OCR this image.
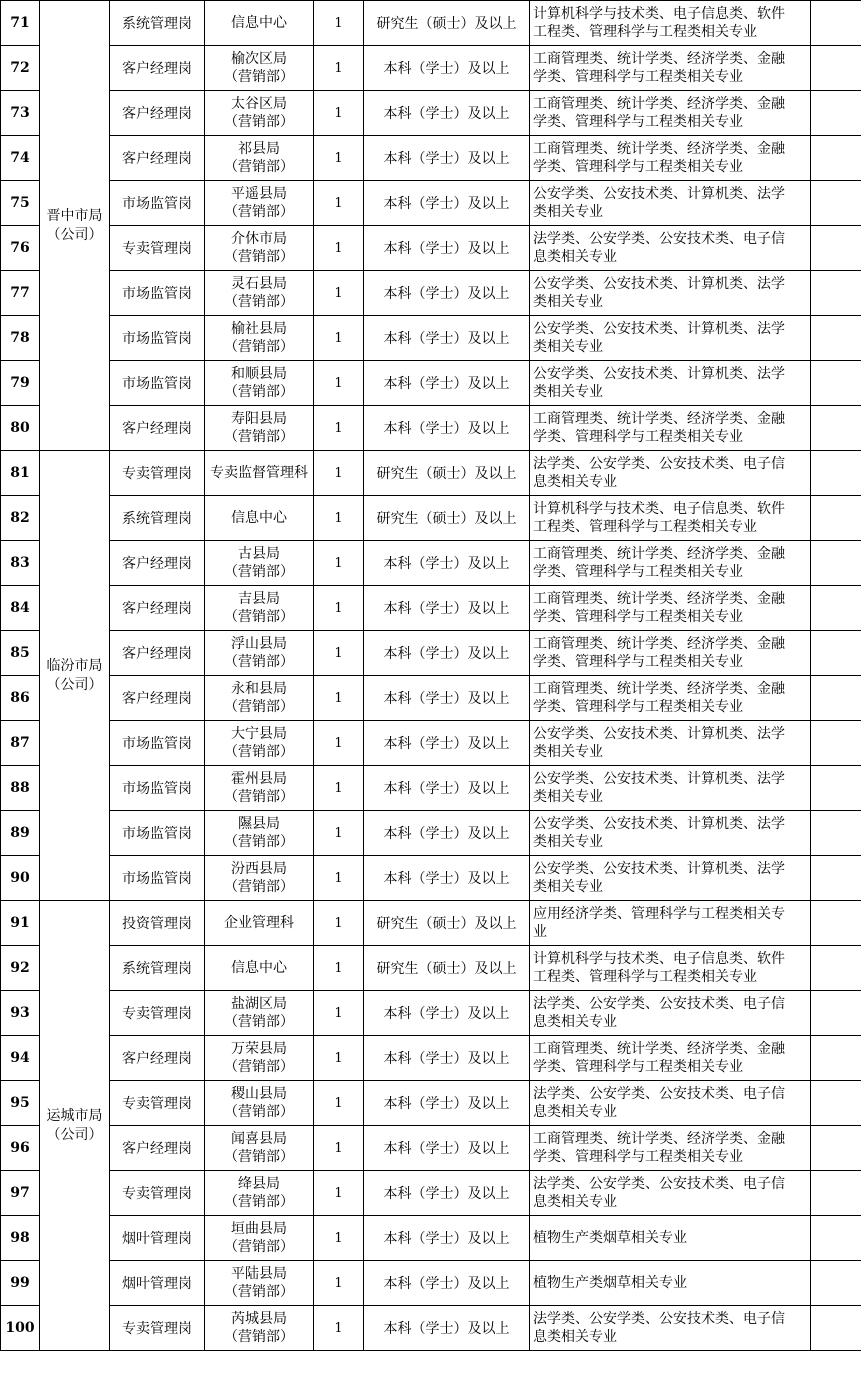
71	晋中市局
（公司）	系统管理岗	信息中心	1	研究生（硕士）及以上	计算机科学与技术类、电子信息类、软件
工程类、管理科学与工程类相关专业	

72		客户经理岗	榆次区局
（营销部）	1	本科（学士）及以上	工商管理类、统计学类、经济学类、金融
学类、管理科学与工程类相关专业	

73		客户经理岗	太谷区局
（营销部）	1	本科（学士）及以上	工商管理类、统计学类、经济学类、金融
学类、管理科学与工程类相关专业	

74		客户经理岗	祁县局
（营销部）	1	本科（学士）及以上	工商管理类、统计学类、经济学类、金融
学类、管理科学与工程类相关专业	

75		市场监管岗	平遥县局
（营销部）	1	本科（学士）及以上	公安学类、公安技术类、计算机类、法学
类相关专业	

76		专卖管理岗	介休市局
（营销部）	1	本科（学士）及以上	法学类、公安学类、公安技术类、电子信
息类相关专业	

77		市场监管岗	灵石县局
（营销部）	1	本科（学士）及以上	公安学类、公安技术类、计算机类、法学
类相关专业	

78		市场监管岗	榆社县局
（营销部）	1	本科（学士）及以上	公安学类、公安技术类、计算机类、法学
类相关专业	

79		市场监管岗	和顺县局
（营销部）	1	本科（学士）及以上	公安学类、公安技术类、计算机类、法学
类相关专业	

80		客户经理岗	寿阳县局
（营销部）	1	本科（学士）及以上	工商管理类、统计学类、经济学类、金融
学类、管理科学与工程类相关专业	

81	临汾市局
（公司）	专卖管理岗	专卖监督管理科	1	研究生（硕士）及以上	法学类、公安学类、公安技术类、电子信
息类相关专业	

82		系统管理岗	信息中心	1	研究生（硕士）及以上	计算机科学与技术类、电子信息类、软件
工程类、管理科学与工程类相关专业	

83		客户经理岗	古县局
（营销部）	1	本科（学士）及以上	工商管理类、统计学类、经济学类、金融
学类、管理科学与工程类相关专业	

84		客户经理岗	吉县局
（营销部）	1	本科（学士）及以上	工商管理类、统计学类、经济学类、金融
学类、管理科学与工程类相关专业	

85		客户经理岗	浮山县局
（营销部）	1	本科（学士）及以上	工商管理类、统计学类、经济学类、金融
学类、管理科学与工程类相关专业	

86		客户经理岗	永和县局
（营销部）	1	本科（学士）及以上	工商管理类、统计学类、经济学类、金融
学类、管理科学与工程类相关专业	

87		市场监管岗	大宁县局
（营销部）	1	本科（学士）及以上	公安学类、公安技术类、计算机类、法学
类相关专业	

88		市场监管岗	霍州县局
（营销部）	1	本科（学士）及以上	公安学类、公安技术类、计算机类、法学
类相关专业	

89		市场监管岗	隰县局
（营销部）	1	本科（学士）及以上	公安学类、公安技术类、计算机类、法学
类相关专业	

90		市场监管岗	汾西县局
（营销部）	1	本科（学士）及以上	公安学类、公安技术类、计算机类、法学
类相关专业	

91	运城市局
（公司）	投资管理岗	企业管理科	1	研究生（硕士）及以上	应用经济学类、管理科学与工程类相关专
业	

92		系统管理岗	信息中心	1	研究生（硕士）及以上	计算机科学与技术类、电子信息类、软件
工程类、管理科学与工程类相关专业	

93		专卖管理岗	盐湖区局
（营销部）	1	本科（学士）及以上	法学类、公安学类、公安技术类、电子信
息类相关专业	

94		客户经理岗	万荣县局
（营销部）	1	本科（学士）及以上	工商管理类、统计学类、经济学类、金融
学类、管理科学与工程类相关专业	

95		专卖管理岗	稷山县局
（营销部）	1	本科（学士）及以上	法学类、公安学类、公安技术类、电子信
息类相关专业	

96		客户经理岗	闻喜县局
（营销部）	1	本科（学士）及以上	工商管理类、统计学类、经济学类、金融
学类、管理科学与工程类相关专业	

97		专卖管理岗	绛县局
（营销部）	1	本科（学士）及以上	法学类、公安学类、公安技术类、电子信
息类相关专业	

98		烟叶管理岗	垣曲县局
（营销部）	1	本科（学士）及以上	植物生产类烟草相关专业	

99		烟叶管理岗	平陆县局
（营销部）	1	本科（学士）及以上	植物生产类烟草相关专业	

100		专卖管理岗	芮城县局
（营销部）	1	本科（学士）及以上	法学类、公安学类、公安技术类、电子信
息类相关专业	
